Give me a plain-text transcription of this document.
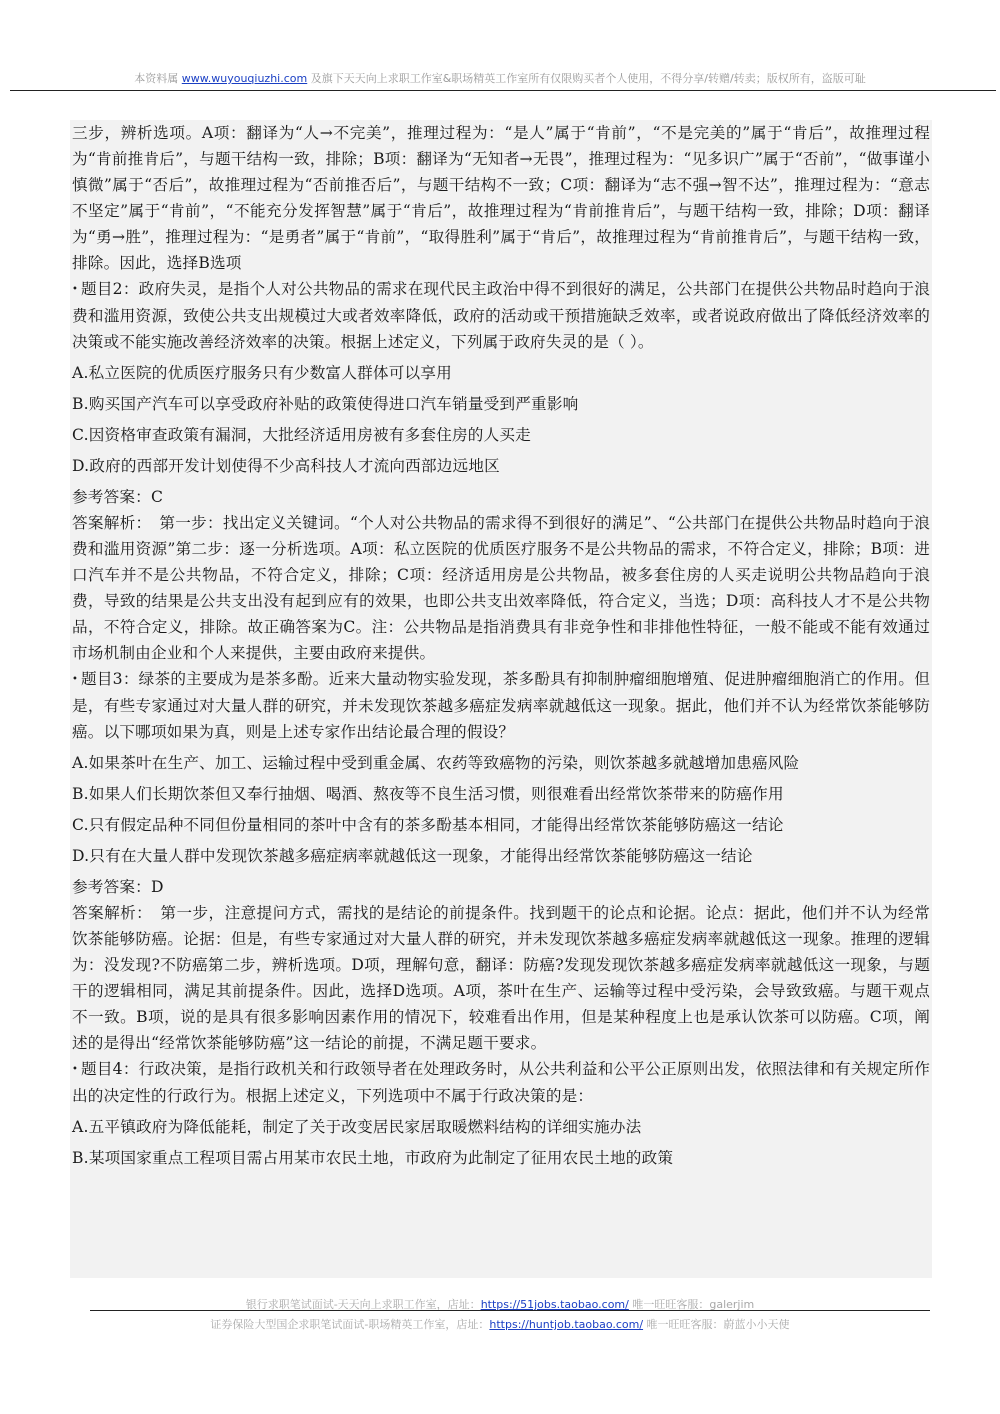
本资料属 www.wuyouqiuzhi.com 及旗下天天向上求职工作室&职场精英工作室所有仅限购买者个人使用，不得分享/转赠/转卖；版权所有，盗版可耻

三步，辨析选项。A项：翻译为“人→不完美”，推理过程为：“是人”属于“肯前”，“不是完美的”属于“肯后”，故推理过程为“肯前推肯后”，与题干结构一致，排除；B项：翻译为“无知者→无畏”，推理过程为：“见多识广”属于“否前”，“做事谨小慎微”属于“否后”，故推理过程为“否前推否后”，与题干结构不一致；C项：翻译为“志不强→智不达”，推理过程为：“意志不坚定”属于“肯前”，“不能充分发挥智慧”属于“肯后”，故推理过程为“肯前推肯后”，与题干结构一致，排除；D项：翻译为“勇→胜”，推理过程为：“是勇者”属于“肯前”，“取得胜利”属于“肯后”，故推理过程为“肯前推肯后”，与题干结构一致，排除。因此，选择B选项

• 题目2：政府失灵，是指个人对公共物品的需求在现代民主政治中得不到很好的满足，公共部门在提供公共物品时趋向于浪费和滥用资源，致使公共支出规模过大或者效率降低，政府的活动或干预措施缺乏效率，或者说政府做出了降低经济效率的决策或不能实施改善经济效率的决策。根据上述定义，下列属于政府失灵的是（ ）。

A.私立医院的优质医疗服务只有少数富人群体可以享用

B.购买国产汽车可以享受政府补贴的政策使得进口汽车销量受到严重影响

C.因资格审查政策有漏洞，大批经济适用房被有多套住房的人买走

D.政府的西部开发计划使得不少高科技人才流向西部边远地区

参考答案：C

答案解析：　第一步：找出定义关键词。“个人对公共物品的需求得不到很好的满足”、“公共部门在提供公共物品时趋向于浪费和滥用资源”第二步：逐一分析选项。A项：私立医院的优质医疗服务不是公共物品的需求，不符合定义，排除；B项：进口汽车并不是公共物品，不符合定义，排除；C项：经济适用房是公共物品，被多套住房的人买走说明公共物品趋向于浪费，导致的结果是公共支出没有起到应有的效果，也即公共支出效率降低，符合定义，当选；D项：高科技人才不是公共物品，不符合定义，排除。故正确答案为C。注：公共物品是指消费具有非竞争性和非排他性特征，一般不能或不能有效通过市场机制由企业和个人来提供，主要由政府来提供。

• 题目3：绿茶的主要成为是茶多酚。近来大量动物实验发现，茶多酚具有抑制肿瘤细胞增殖、促进肿瘤细胞消亡的作用。但是，有些专家通过对大量人群的研究，并未发现饮茶越多癌症发病率就越低这一现象。据此，他们并不认为经常饮茶能够防癌。以下哪项如果为真，则是上述专家作出结论最合理的假设？

A.如果茶叶在生产、加工、运输过程中受到重金属、农药等致癌物的污染，则饮茶越多就越增加患癌风险

B.如果人们长期饮茶但又奉行抽烟、喝酒、熬夜等不良生活习惯，则很难看出经常饮茶带来的防癌作用

C.只有假定品种不同但份量相同的茶叶中含有的茶多酚基本相同，才能得出经常饮茶能够防癌这一结论

D.只有在大量人群中发现饮茶越多癌症病率就越低这一现象，才能得出经常饮茶能够防癌这一结论

参考答案：D

答案解析：　第一步，注意提问方式，需找的是结论的前提条件。找到题干的论点和论据。论点：据此，他们并不认为经常饮茶能够防癌。论据：但是，有些专家通过对大量人群的研究，并未发现饮茶越多癌症发病率就越低这一现象。推理的逻辑为：没发现?不防癌第二步，辨析选项。D项，理解句意，翻译：防癌?发现发现饮茶越多癌症发病率就越低这一现象，与题干的逻辑相同，满足其前提条件。因此，选择D选项。A项，茶叶在生产、运输等过程中受污染，会导致致癌。与题干观点不一致。B项，说的是具有很多影响因素作用的情况下，较难看出作用，但是某种程度上也是承认饮茶可以防癌。C项，阐述的是得出“经常饮茶能够防癌”这一结论的前提，不满足题干要求。

• 题目4：行政决策，是指行政机关和行政领导者在处理政务时，从公共利益和公平公正原则出发，依照法律和有关规定所作出的决定性的行政行为。根据上述定义，下列选项中不属于行政决策的是：

A.五平镇政府为降低能耗，制定了关于改变居民家居取暖燃料结构的详细实施办法

B.某项国家重点工程项目需占用某市农民土地，市政府为此制定了征用农民土地的政策

银行求职笔试面试-天天向上求职工作室，店址：https://51jobs.taobao.com/ 唯一旺旺客服：galerjim
证券保险大型国企求职笔试面试-职场精英工作室，店址：https://huntjob.taobao.com/ 唯一旺旺客服：蔚蓝小小天使
